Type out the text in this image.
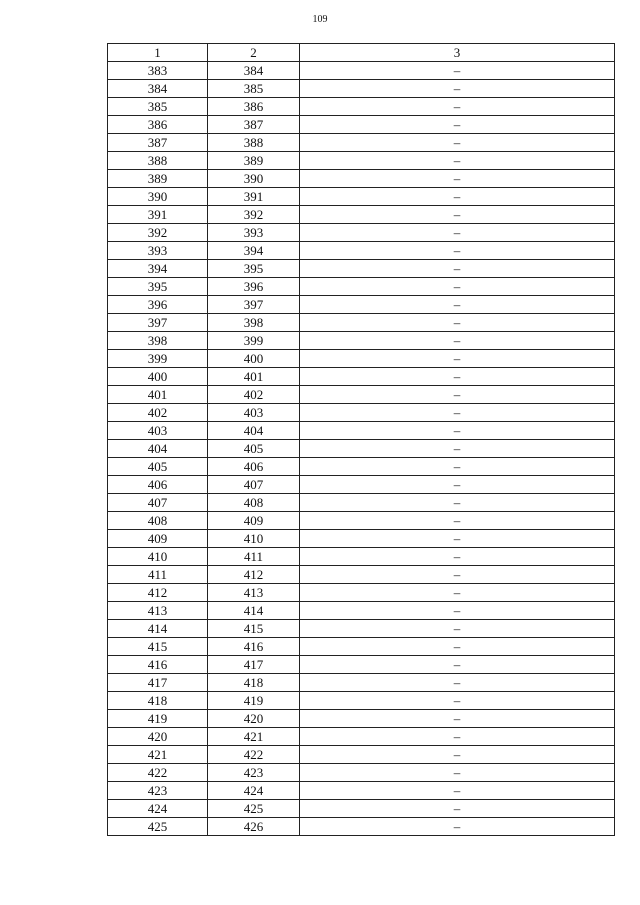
109
1	2	3
383	384	–
384	385	–
385	386	–
386	387	–
387	388	–
388	389	–
389	390	–
390	391	–
391	392	–
392	393	–
393	394	–
394	395	–
395	396	–
396	397	–
397	398	–
398	399	–
399	400	–
400	401	–
401	402	–
402	403	–
403	404	–
404	405	–
405	406	–
406	407	–
407	408	–
408	409	–
409	410	–
410	411	–
411	412	–
412	413	–
413	414	–
414	415	–
415	416	–
416	417	–
417	418	–
418	419	–
419	420	–
420	421	–
421	422	–
422	423	–
423	424	–
424	425	–
425	426	–
